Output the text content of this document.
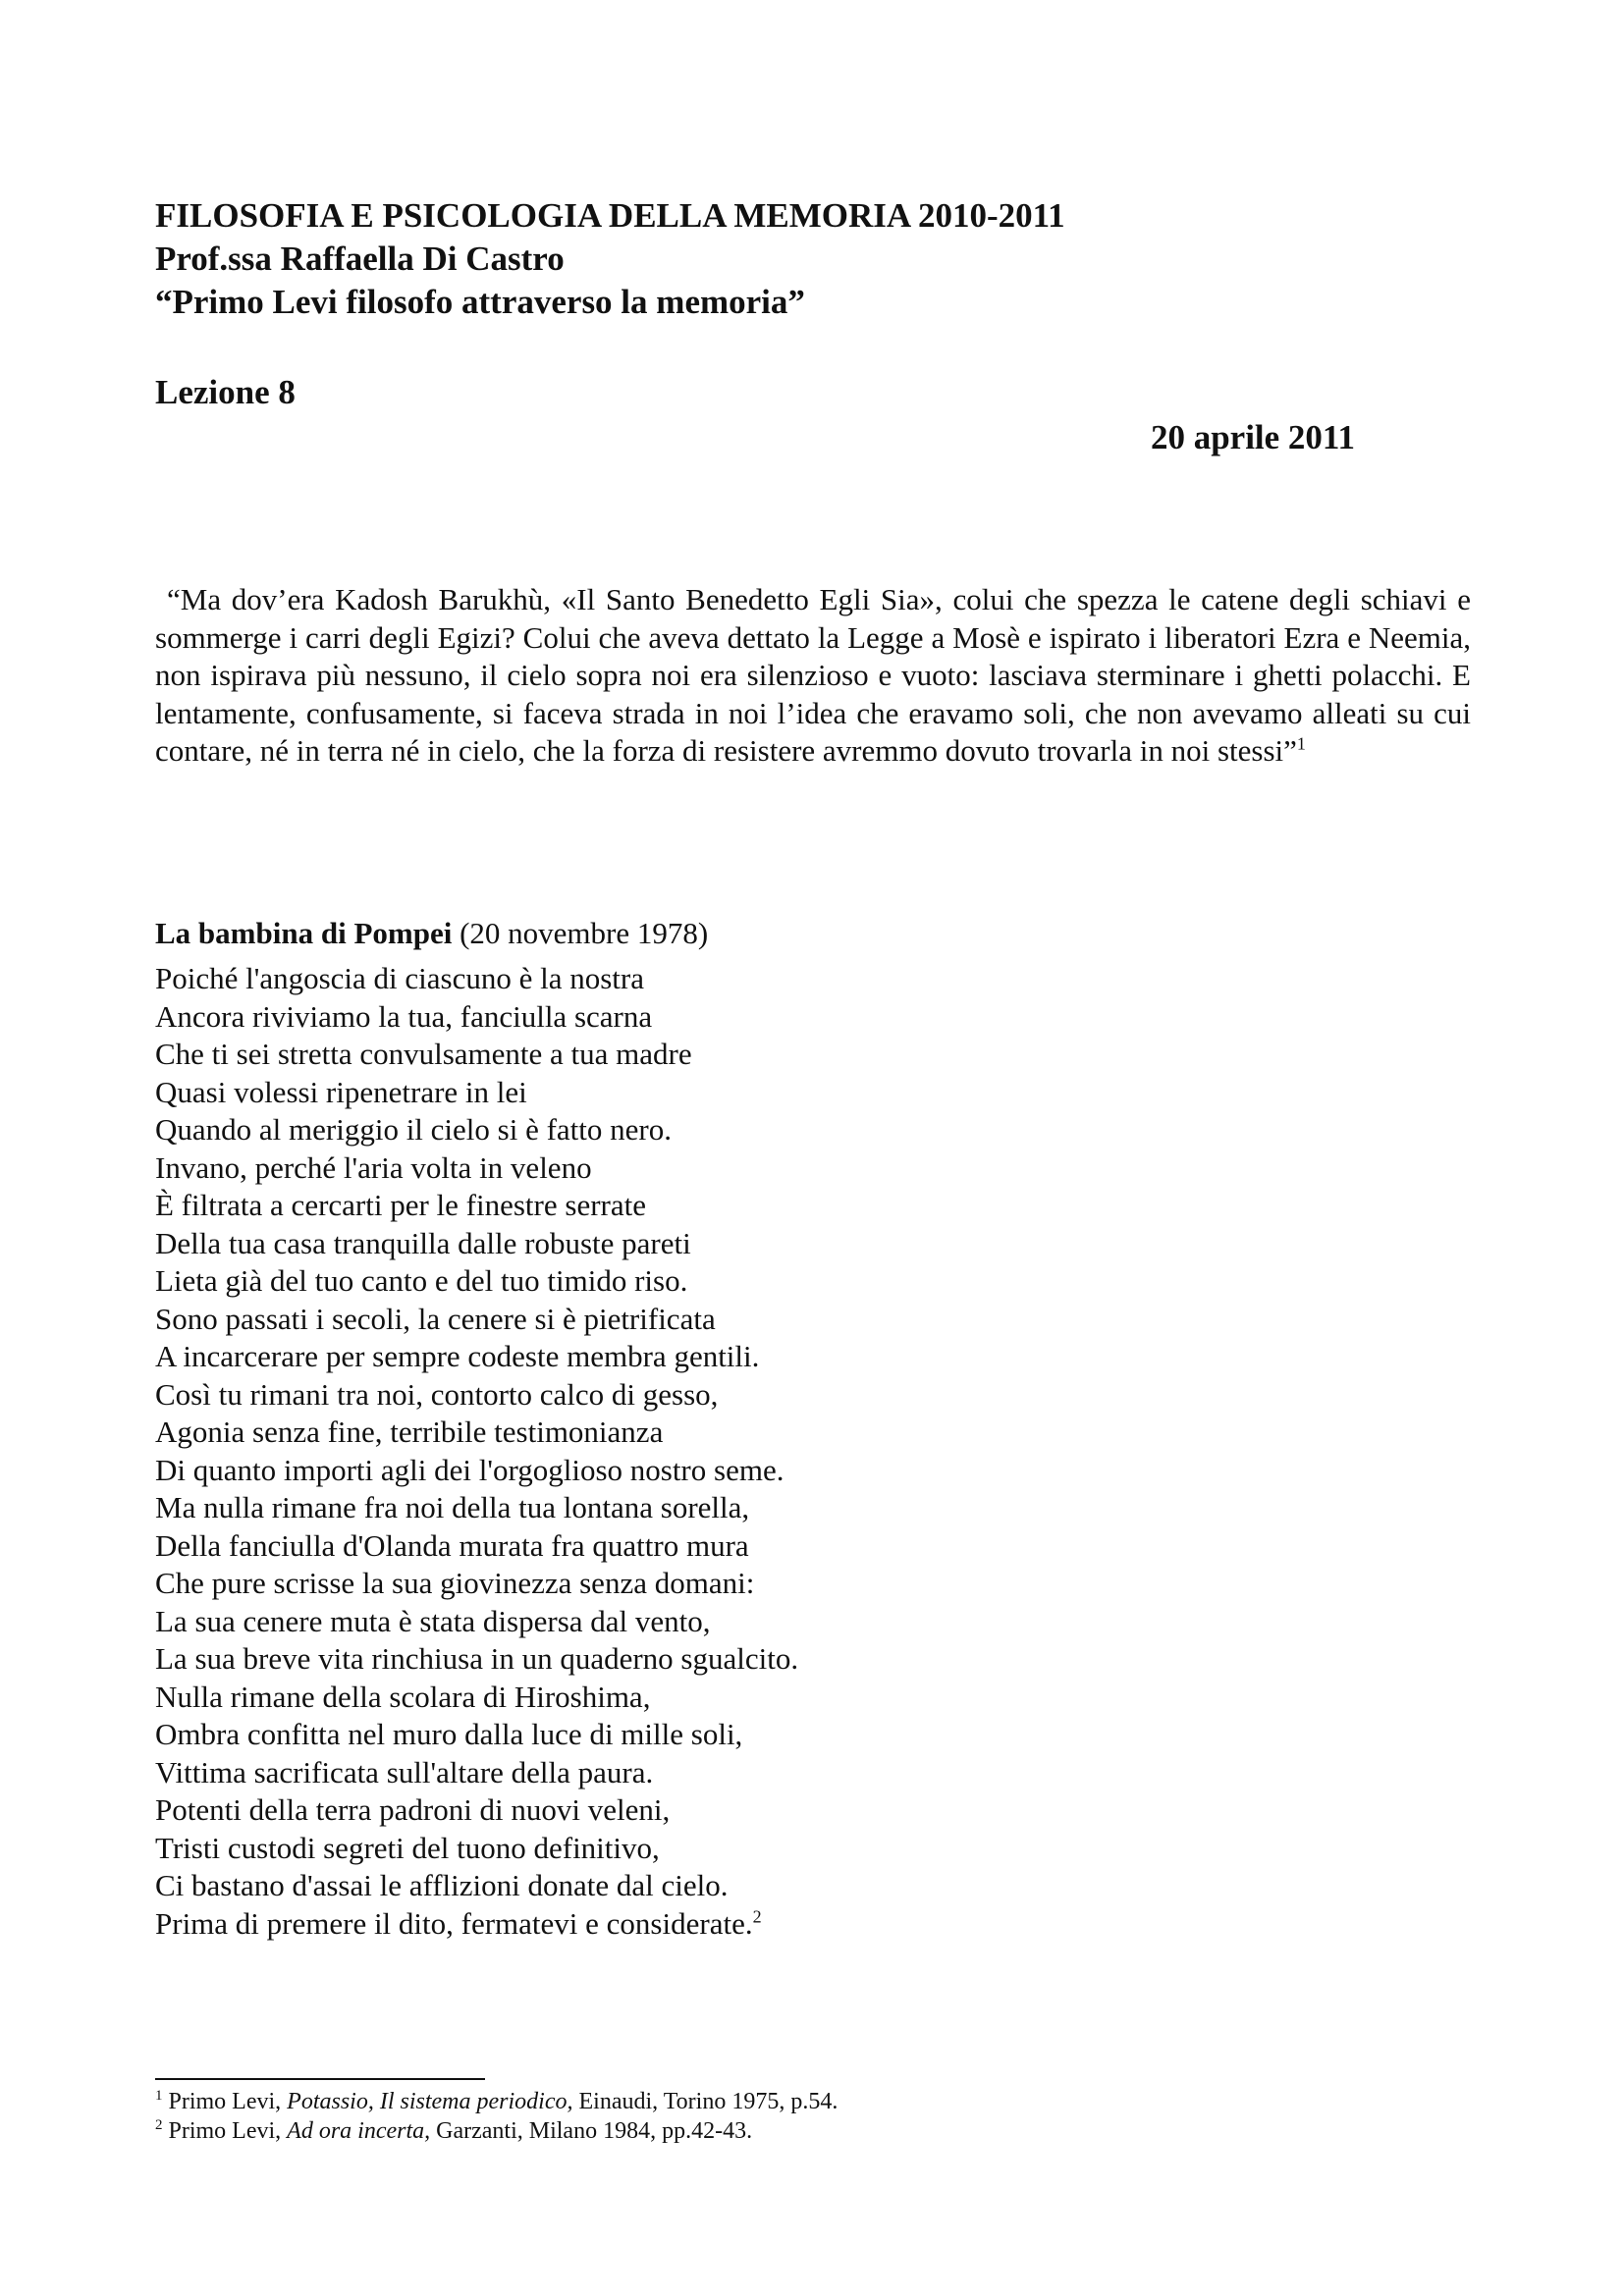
FILOSOFIA E PSICOLOGIA DELLA MEMORIA 2010-2011
Prof.ssa Raffaella Di Castro
“Primo Levi filosofo attraverso la memoria”
Lezione 8
20 aprile 2011
“Ma dov’era Kadosh Barukhù, «Il Santo Benedetto Egli Sia», colui che spezza le catene degli schiavi e sommerge i carri degli Egizi? Colui che aveva dettato la Legge a Mosè e ispirato i liberatori Ezra e Neemia, non ispirava più nessuno, il cielo sopra noi era silenzioso e vuoto: lasciava sterminare i ghetti polacchi. E lentamente, confusamente, si faceva strada in noi l’idea che eravamo soli, che non avevamo alleati su cui contare, né in terra né in cielo, che la forza di resistere avremmo dovuto trovarla in noi stessi”$^1$
La bambina di Pompei (20 novembre 1978)
Poiché l'angoscia di ciascuno è la nostra
Ancora riviviamo la tua, fanciulla scarna
Che ti sei stretta convulsamente a tua madre
Quasi volessi ripenetrare in lei
Quando al meriggio il cielo si è fatto nero.
Invano, perché l'aria volta in veleno
È filtrata a cercarti per le finestre serrate
Della tua casa tranquilla dalle robuste pareti
Lieta già del tuo canto e del tuo timido riso.
Sono passati i secoli, la cenere si è pietrificata
A incarcerare per sempre codeste membra gentili.
Così tu rimani tra noi, contorto calco di gesso,
Agonia senza fine, terribile testimonianza
Di quanto importi agli dei l'orgoglioso nostro seme.
Ma nulla rimane fra noi della tua lontana sorella,
Della fanciulla d'Olanda murata fra quattro mura
Che pure scrisse la sua giovinezza senza domani:
La sua cenere muta è stata dispersa dal vento,
La sua breve vita rinchiusa in un quaderno sgualcito.
Nulla rimane della scolara di Hiroshima,
Ombra confitta nel muro dalla luce di mille soli,
Vittima sacrificata sull'altare della paura.
Potenti della terra padroni di nuovi veleni,
Tristi custodi segreti del tuono definitivo,
Ci bastano d'assai le afflizioni donate dal cielo.
Prima di premere il dito, fermatevi e considerate.$^2$
$^1$ Primo Levi, Potassio, Il sistema periodico, Einaudi, Torino 1975, p.54.
$^2$ Primo Levi, Ad ora incerta, Garzanti, Milano 1984, pp.42-43.
